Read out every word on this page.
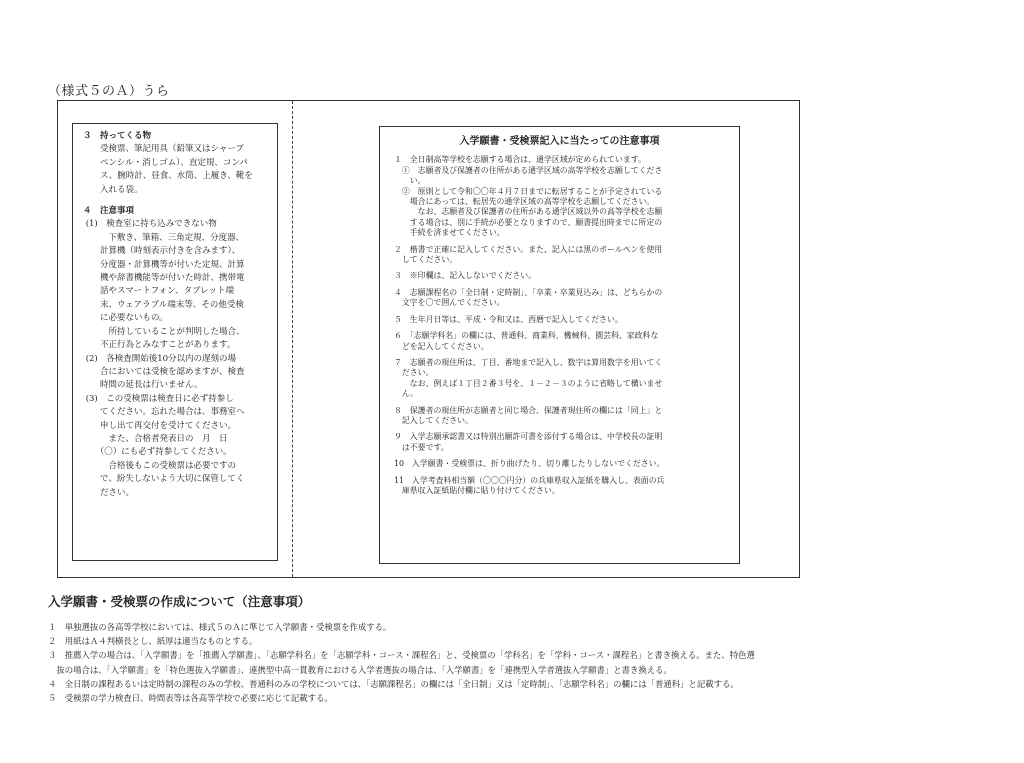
（様式５のＡ）うら
３　持ってくる物
　　受検票、筆記用具（鉛筆又はシャープ
　　ペンシル・消しゴム）、直定規、コンパ
　　ス、腕時計、昼食、水筒、上履き、靴を
　　入れる袋。
４　注意事項
(1)　検査室に持ち込みできない物
　　　下敷き、筆箱、三角定規、分度器、
　　計算機（時刻表示付きを含みます）、
　　分度器・計算機等が付いた定規、計算
　　機や辞書機能等が付いた時計、携帯電
　　話やスマートフォン、タブレット端
　　末、ウェアラブル端末等、その他受検
　　に必要ないもの。
　　　所持していることが判明した場合、
　　不正行為とみなすことがあります。
(2)　各検査開始後10分以内の遅刻の場
　　合においては受検を認めますが、検査
　　時間の延長は行いません。
(3)　この受検票は検査日に必ず持参し
　　てください。忘れた場合は、事務室へ
　　申し出て再交付を受けてください。
　　　また、合格者発表日の　月　日
　　（〇）にも必ず持参してください。
　　　合格後もこの受検票は必要ですの
　　で、紛失しないよう大切に保管してく
　　ださい。
入学願書・受検票記入に当たっての注意事項
１　全日制高等学校を志願する場合は、通学区域が定められています。
　①　志願者及び保護者の住所がある通学区域の高等学校を志願してくださ
　　い。
　②　原則として令和〇〇年４月７日までに転居することが予定されている
　　場合にあっては、転居先の通学区域の高等学校を志願してください。
　　　なお、志願者及び保護者の住所がある通学区域以外の高等学校を志願
　　する場合は、別に手続が必要となりますので、願書提出時までに所定の
　　手続を済ませてください。
２　楷書で正確に記入してください。また、記入には黒のボールペンを使用
　してください。
３　※印欄は、記入しないでください。
４　志願課程名の「全日制・定時制」、「卒業・卒業見込み」は、どちらかの
　文字を〇で囲んでください。
５　生年月日等は、平成・令和又は、西暦で記入してください。
６　「志願学科名」の欄には、普通科、商業科、機械科、園芸科、家政科な
　どを記入してください。
７　志願者の現住所は、丁目、番地まで記入し、数字は算用数字を用いてく
　ださい。
　　なお、例えば１丁目２番３号を、１－２－３のように省略して構いませ
　ん。
８　保護者の現住所が志願者と同じ場合、保護者現住所の欄には「同上」と
　記入してください。
９　入学志願承認書又は特別出願許可書を添付する場合は、中学校長の証明
　は不要です。
10　入学願書・受検票は、折り曲げたり、切り離したりしないでください。
11　入学考査料相当額（〇〇〇円分）の兵庫県収入証紙を購入し、表面の兵
　庫県収入証紙貼付欄に貼り付けてください。
入学願書・受検票の作成について（注意事項）
１　単独選抜の各高等学校においては、様式５のＡに準じて入学願書・受検票を作成する。
２　用紙はＡ４判横長とし、紙厚は適当なものとする。
３　推薦入学の場合は、「入学願書」を「推薦入学願書」、「志願学科名」を「志願学科・コース・課程名」と、受検票の「学科名」を「学科・コース・課程名」と書き換える。また、特色選
　抜の場合は、「入学願書」を「特色選抜入学願書」、連携型中高一貫教育における入学者選抜の場合は、「入学願書」を「連携型入学者選抜入学願書」と書き換える。
４　全日制の課程あるいは定時制の課程のみの学校、普通科のみの学校については、「志願課程名」の欄には「全日制」又は「定時制」、「志願学科名」の欄には「普通科」と記載する。
５　受検票の学力検査日、時間表等は各高等学校で必要に応じて記載する。
